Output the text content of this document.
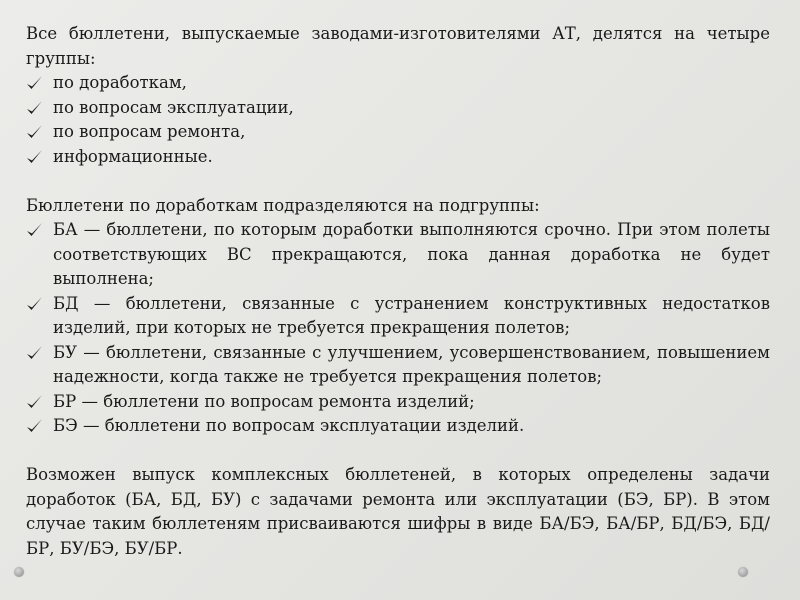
Все бюллетени, выпускаемые заводами-изготовителями АТ, делятся на четыре группы:

по доработкам,
по вопросам эксплуатации,
по вопросам ремонта,
информационные.

Бюллетени по доработкам подразделяются на подгруппы:

БА — бюллетени, по которым доработки выполняются срочно. При этом полеты соответствующих ВС прекращаются, пока данная доработка не будет выполнена;
БД — бюллетени, связанные с устранением конструктивных недостатков изделий, при которых не требуется прекращения полетов;
БУ — бюллетени, связанные с улучшением, усовершенствованием, повышением надежности, когда также не требуется прекращения полетов;
БР — бюллетени по вопросам ремонта изделий;
БЭ — бюллетени по вопросам эксплуатации изделий.

Возможен выпуск комплексных бюллетеней, в которых определены задачи доработок (БА, БД, БУ) с задачами ремонта или эксплуатации (БЭ, БР). В этом случае таким бюллетеням присваиваются шифры в виде БА/БЭ, БА/БР, БД/БЭ, БД/БР, БУ/БЭ, БУ/БР.
